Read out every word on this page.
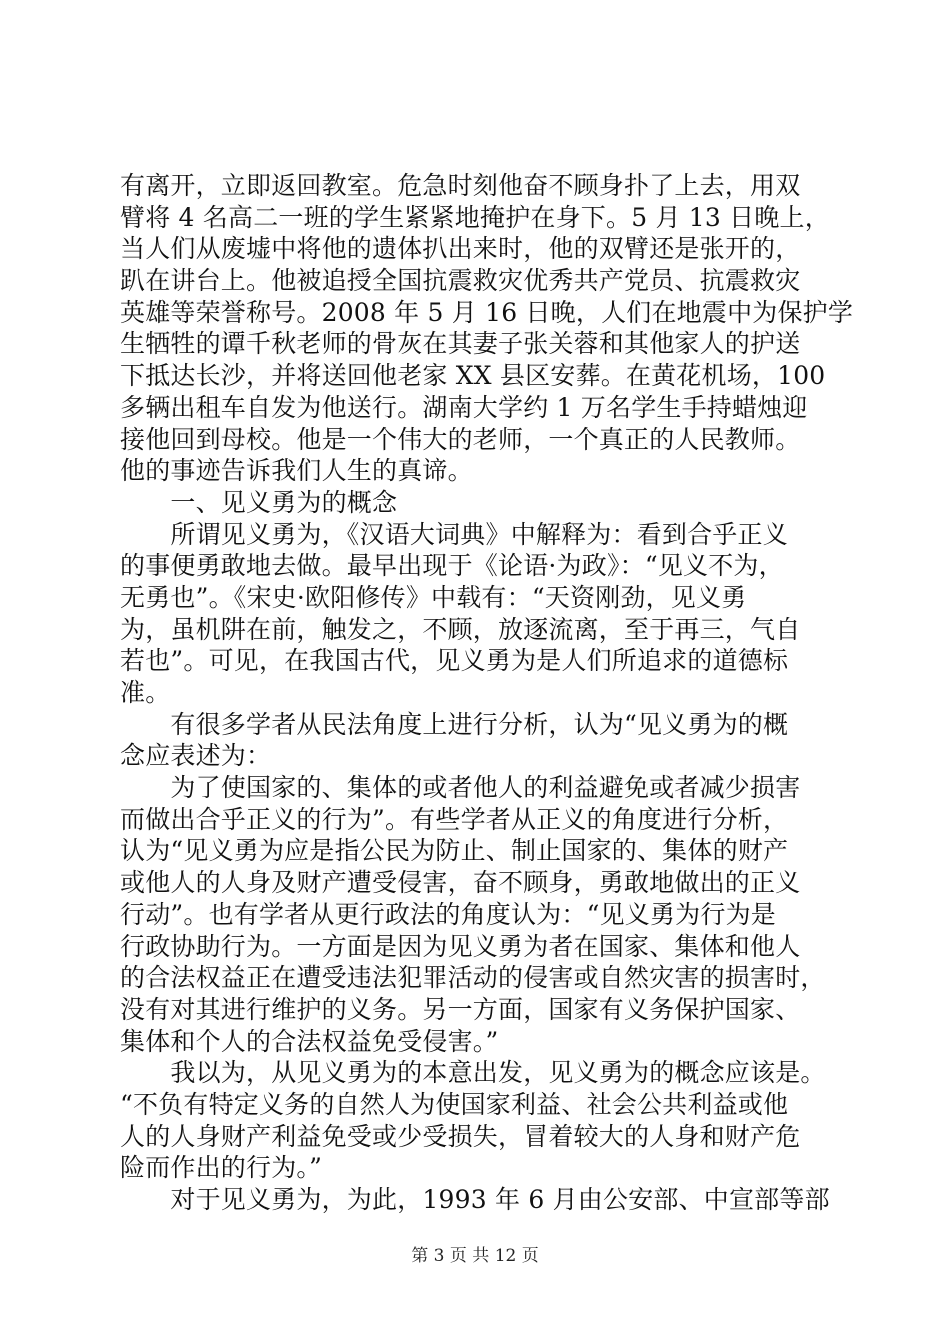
有离开，立即返回教室。危急时刻他奋不顾身扑了上去，用双
臂将 4 名高二一班的学生紧紧地掩护在身下。5 月 13 日晚上，
当人们从废墟中将他的遗体扒出来时，他的双臂还是张开的，
趴在讲台上。他被追授全国抗震救灾优秀共产党员、抗震救灾
英雄等荣誉称号。2008 年 5 月 16 日晚，人们在地震中为保护学
生牺牲的谭千秋老师的骨灰在其妻子张关蓉和其他家人的护送
下抵达长沙，并将送回他老家 XX 县区安葬。在黄花机场，100
多辆出租车自发为他送行。湖南大学约 1 万名学生手持蜡烛迎
接他回到母校。他是一个伟大的老师，一个真正的人民教师。
他的事迹告诉我们人生的真谛。
　　一、见义勇为的概念
　　所谓见义勇为，《汉语大词典》中解释为：看到合乎正义
的事便勇敢地去做。最早出现于《论语·为政》：“见义不为，
无勇也”。《宋史·欧阳修传》中载有：“天资刚劲，见义勇
为，虽机阱在前，触发之，不顾，放逐流离，至于再三，气自
若也”。可见，在我国古代，见义勇为是人们所追求的道德标
准。
　　有很多学者从民法角度上进行分析，认为“见义勇为的概
念应表述为：
　　为了使国家的、集体的或者他人的利益避免或者减少损害
而做出合乎正义的行为”。有些学者从正义的角度进行分析，
认为“见义勇为应是指公民为防止、制止国家的、集体的财产
或他人的人身及财产遭受侵害，奋不顾身，勇敢地做出的正义
行动”。也有学者从更行政法的角度认为：“见义勇为行为是
行政协助行为。一方面是因为见义勇为者在国家、集体和他人
的合法权益正在遭受违法犯罪活动的侵害或自然灾害的损害时，
没有对其进行维护的义务。另一方面，国家有义务保护国家、
集体和个人的合法权益免受侵害。”
　　我以为，从见义勇为的本意出发，见义勇为的概念应该是。
“不负有特定义务的自然人为使国家利益、社会公共利益或他
人的人身财产利益免受或少受损失，冒着较大的人身和财产危
险而作出的行为。”
　　对于见义勇为，为此，1993 年 6 月由公安部、中宣部等部
第 3 页 共 12 页
